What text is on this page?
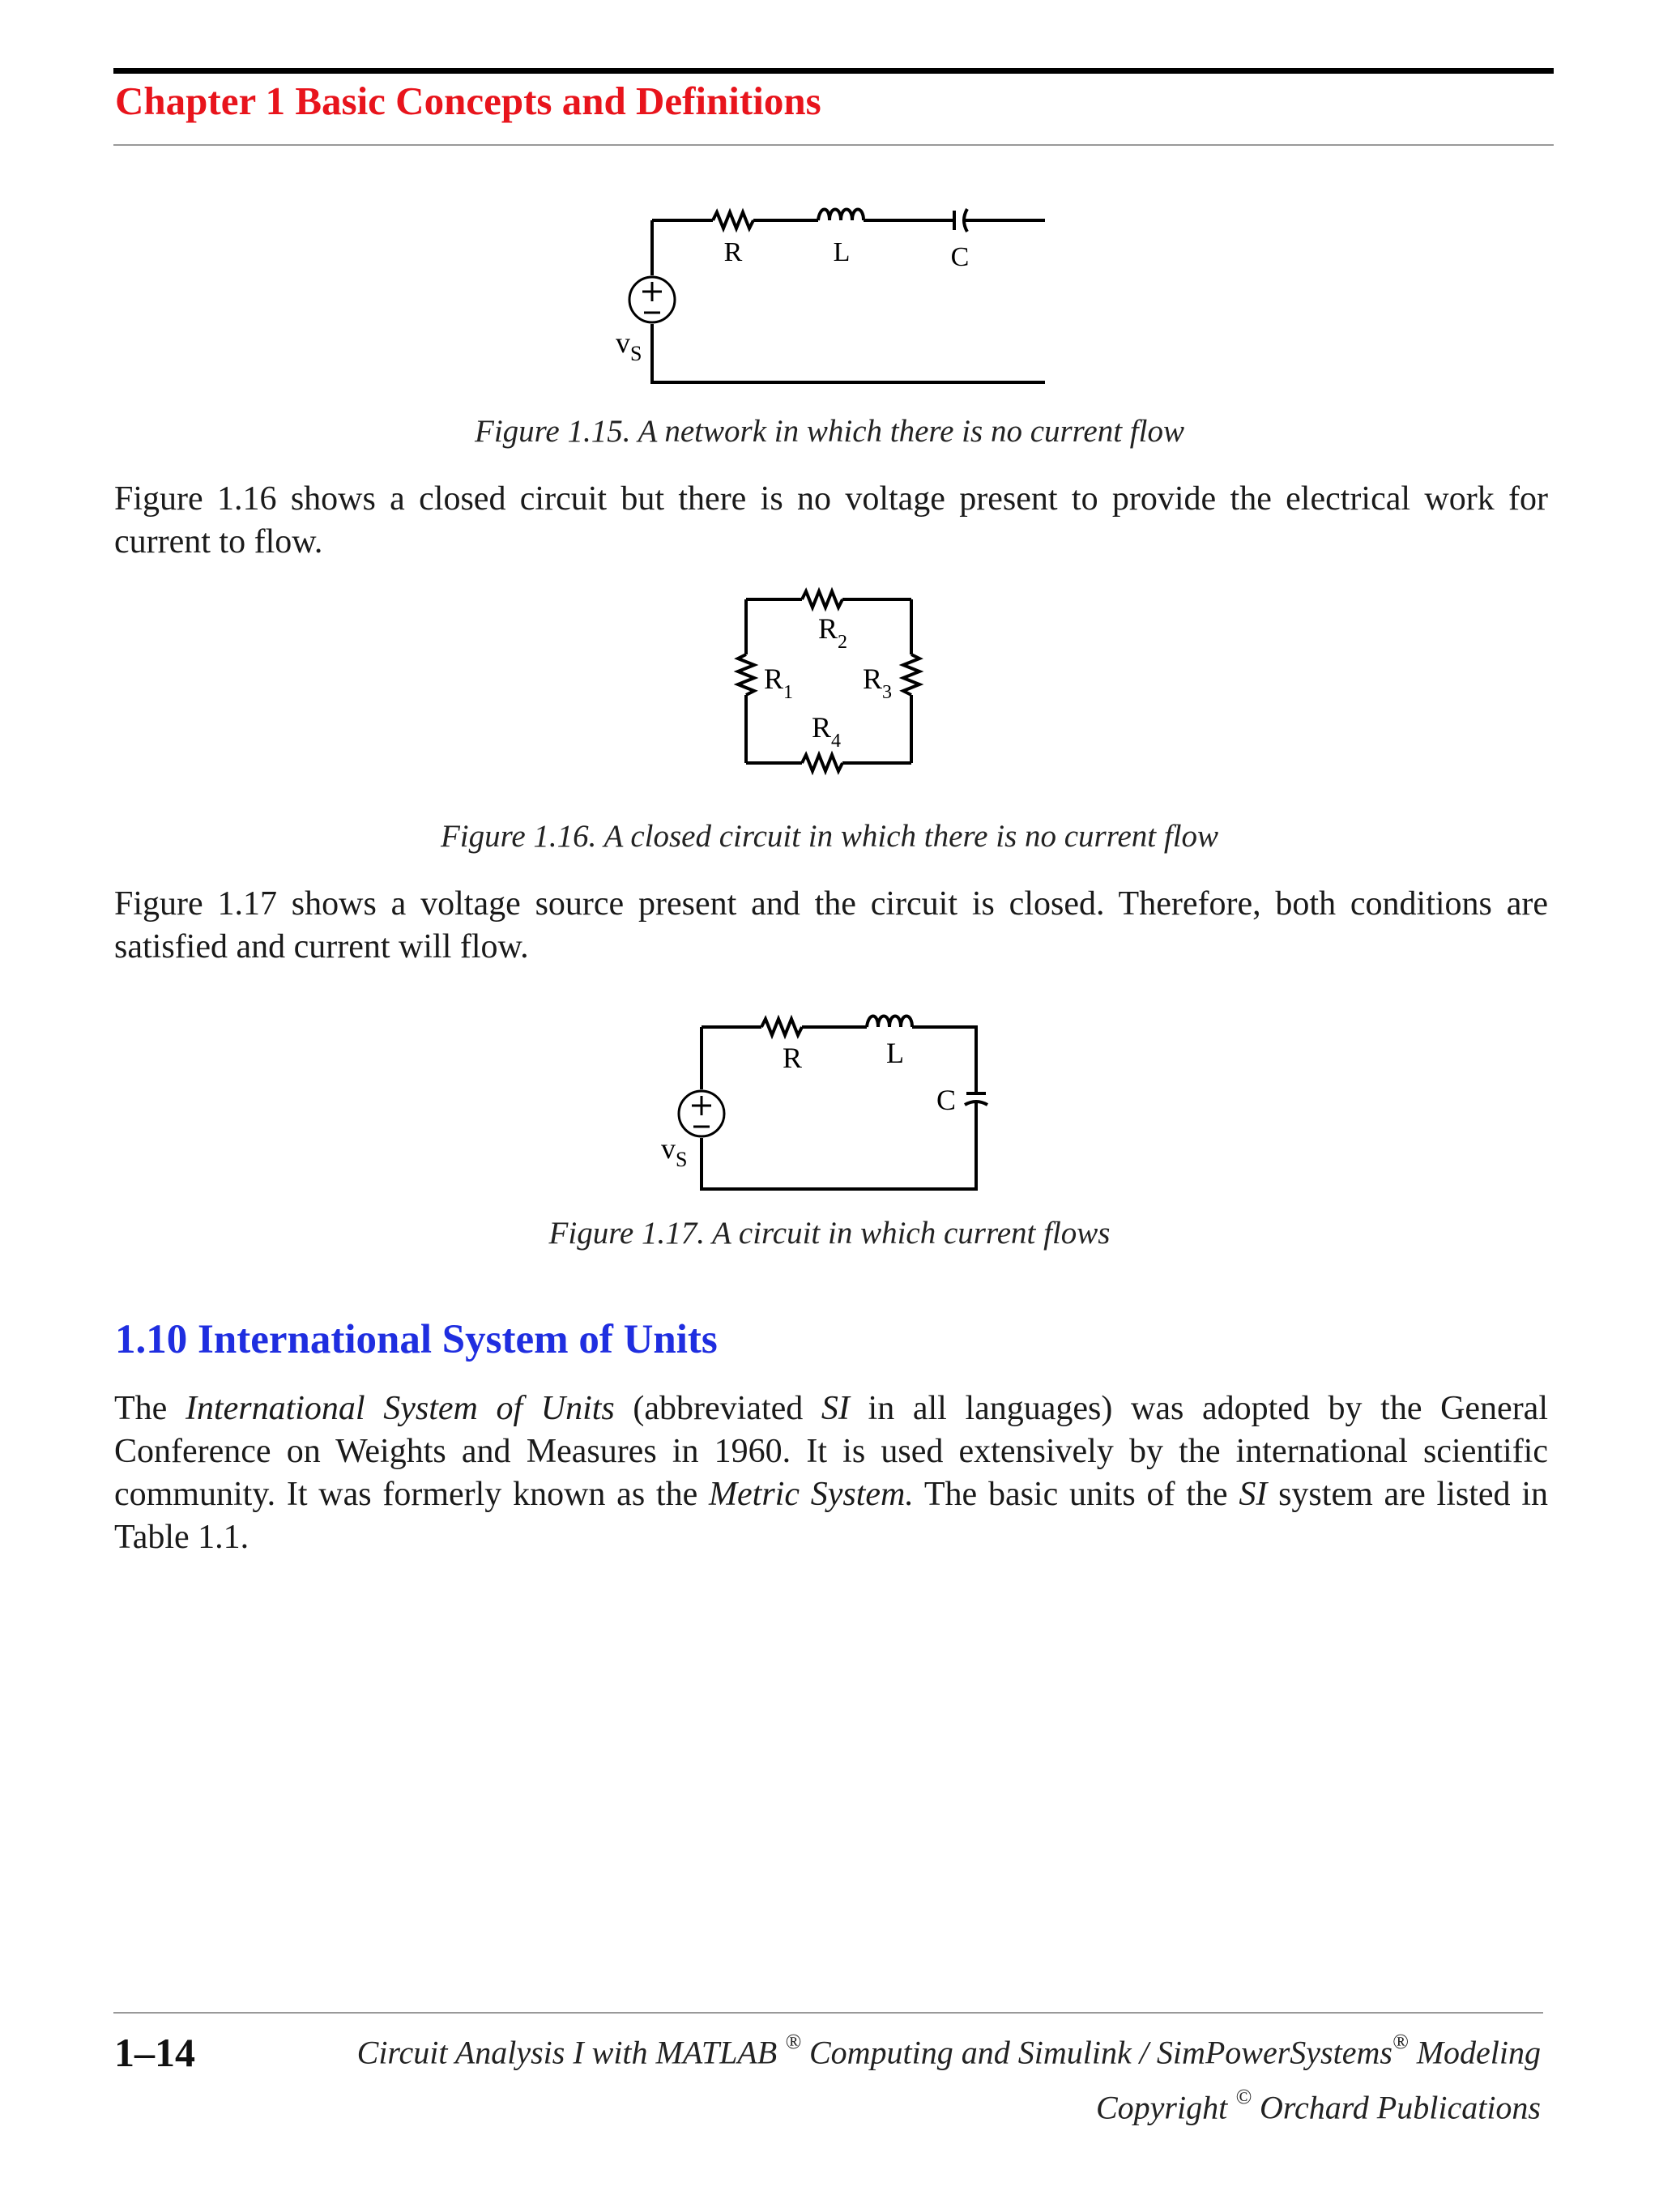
Chapter 1 Basic Concepts and Definitions
R	L	C
v S

Figure 1.15. A network in which there is no current flow

Figure 1.16 shows a closed circuit but there is no voltage present to provide the electrical work for current to flow.

$R_2$
$R_1$ $R_3$
$R_4$

Figure 1.16. A closed circuit in which there is no current flow

Figure 1.17 shows a voltage source present and the circuit is closed. Therefore, both conditions are satisfied and current will flow.

R	L
C
v S

Figure 1.17. A circuit in which current flows

1.10 International System of Units

The International System of Units (abbreviated SI in all languages) was adopted by the General Conference on Weights and Measures in 1960. It is used extensively by the international scientific community. It was formerly known as the Metric System. The basic units of the SI system are listed in Table 1.1.

1–14	Circuit Analysis I with MATLAB ® Computing and Simulink / SimPowerSystems® Modeling

Copyright © Orchard Publications
